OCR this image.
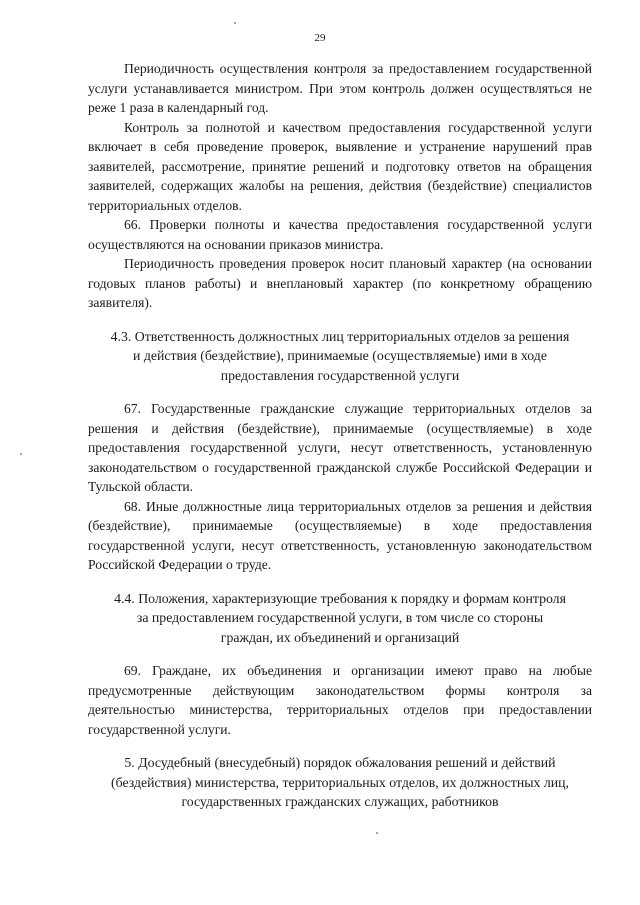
29

Периодичность осуществления контроля за предоставлением государственной услуги устанавливается министром. При этом контроль должен осуществляться не реже 1 раза в календарный год.

Контроль за полнотой и качеством предоставления государственной услуги включает в себя проведение проверок, выявление и устранение нарушений прав заявителей, рассмотрение, принятие решений и подготовку ответов на обращения заявителей, содержащих жалобы на решения, действия (бездействие) специалистов территориальных отделов.

66. Проверки полноты и качества предоставления государственной услуги осуществляются на основании приказов министра.

Периодичность проведения проверок носит плановый характер (на основании годовых планов работы) и внеплановый характер (по конкретному обращению заявителя).

4.3. Ответственность должностных лиц территориальных отделов за решения
и действия (бездействие), принимаемые (осуществляемые) ими в ходе
предоставления государственной услуги

67. Государственные гражданские служащие территориальных отделов за решения и действия (бездействие), принимаемые (осуществляемые) в ходе предоставления государственной услуги, несут ответственность, установленную законодательством о государственной гражданской службе Российской Федерации и Тульской области.

68. Иные должностные лица территориальных отделов за решения и действия (бездействие), принимаемые (осуществляемые) в ходе предоставления государственной услуги, несут ответственность, установленную законодательством Российской Федерации о труде.

4.4. Положения, характеризующие требования к порядку и формам контроля
за предоставлением государственной услуги, в том числе со стороны
граждан, их объединений и организаций

69. Граждане, их объединения и организации имеют право на любые предусмотренные действующим законодательством формы контроля за деятельностью министерства, территориальных отделов при предоставлении государственной услуги.

5. Досудебный (внесудебный) порядок обжалования решений и действий
(бездействия) министерства, территориальных отделов, их должностных лиц,
государственных гражданских служащих, работников
